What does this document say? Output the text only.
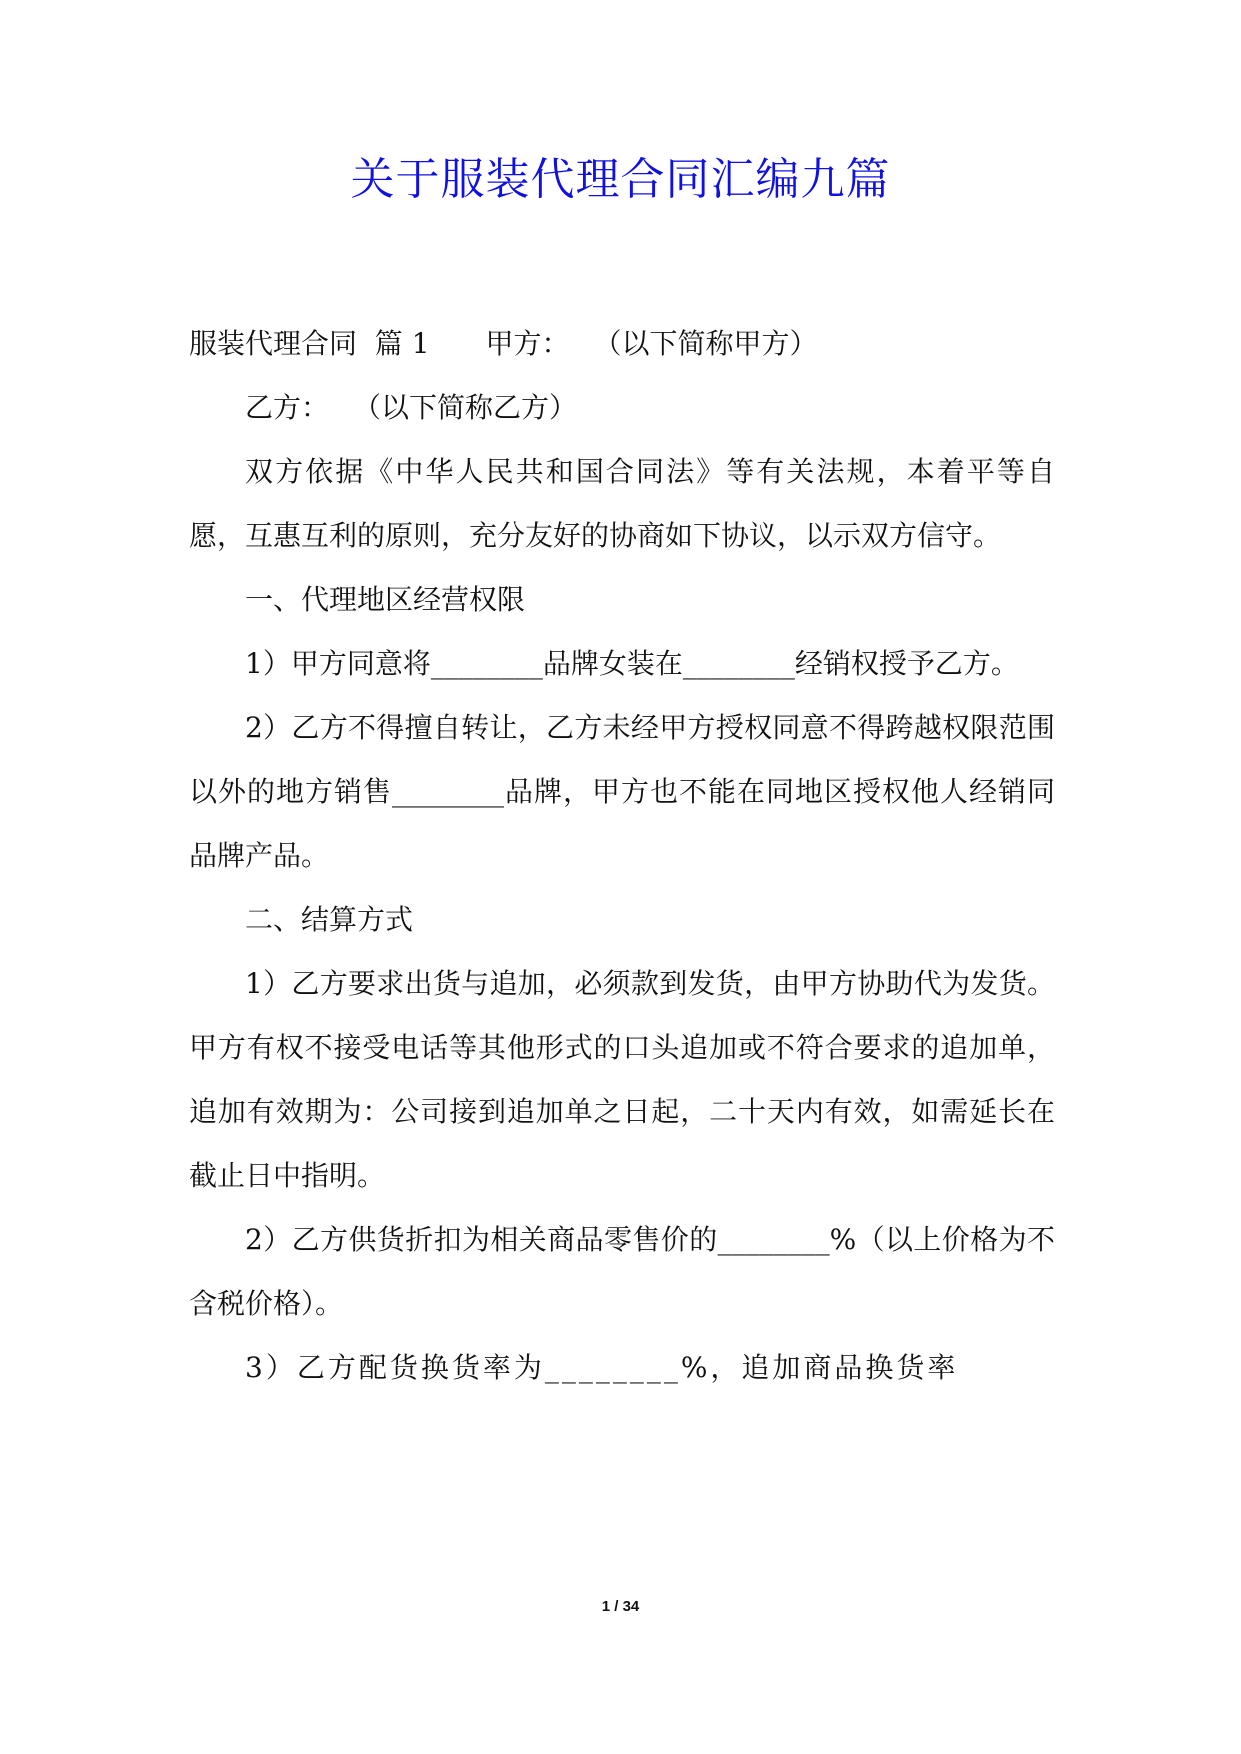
关于服装代理合同汇编九篇

服装代理合同  篇 1 甲方： （以下简称甲方）

乙方： （以下简称乙方）

双方依据《中华人民共和国合同法》等有关法规，本着平等自愿，互惠互利的原则，充分友好的协商如下协议，以示双方信守。

一、代理地区经营权限

1）甲方同意将________品牌女装在________经销权授予乙方。

2）乙方不得擅自转让，乙方未经甲方授权同意不得跨越权限范围以外的地方销售________品牌，甲方也不能在同地区授权他人经销同品牌产品。

二、结算方式

1）乙方要求出货与追加，必须款到发货，由甲方协助代为发货。甲方有权不接受电话等其他形式的口头追加或不符合要求的追加单，追加有效期为：公司接到追加单之日起，二十天内有效，如需延长在截止日中指明。

2）乙方供货折扣为相关商品零售价的________%（以上价格为不含税价格）。

3）乙方配货换货率为________%，追加商品换货率

1 / 34
